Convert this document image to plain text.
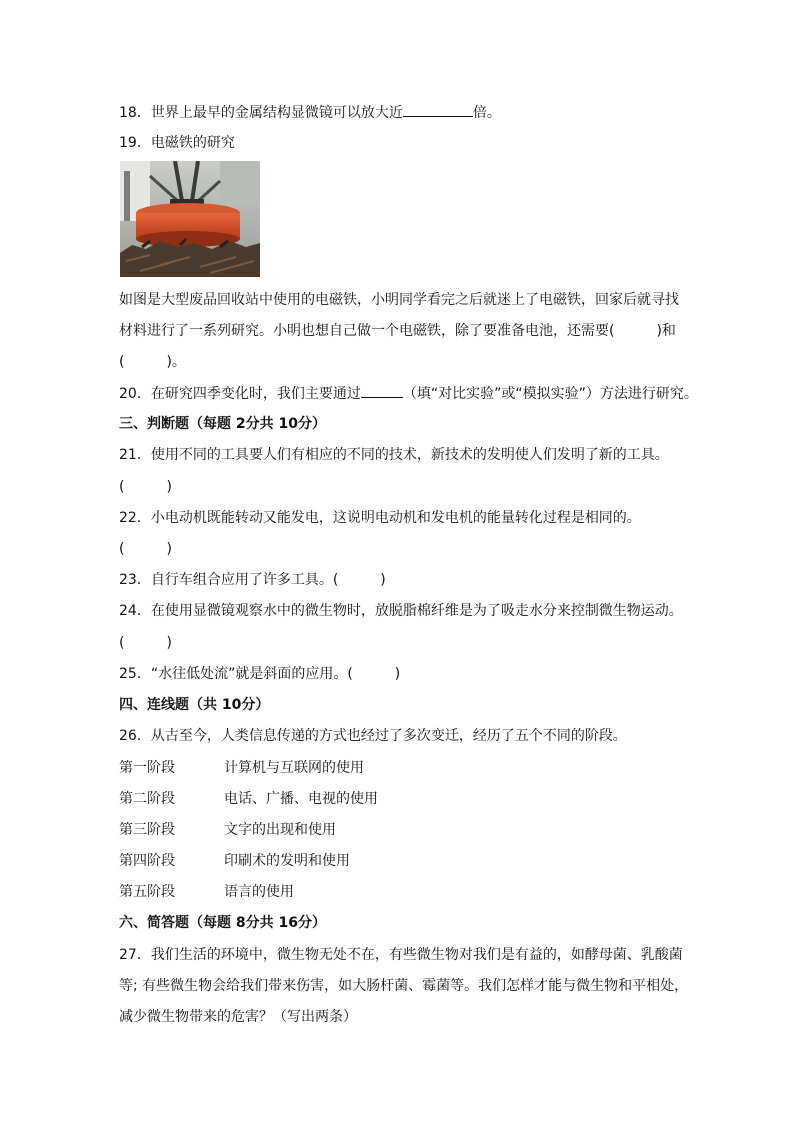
18．世界上最早的金属结构显微镜可以放大近	倍。
19．电磁铁的研究
如图是大型废品回收站中使用的电磁铁，小明同学看完之后就迷上了电磁铁，回家后就寻找
材料进行了一系列研究。小明也想自己做一个电磁铁，除了要准备电池，还需要(	)和
(	)。
20．在研究四季变化时，我们主要通过	（填“对比实验”或“模拟实验”）方法进行研究。
三、判断题（每题 2分共 10分）
21．使用不同的工具要人们有相应的不同的技术，新技术的发明使人们发明了新的工具。
(	)
22．小电动机既能转动又能发电，这说明电动机和发电机的能量转化过程是相同的。
(	)
23．自行车组合应用了许多工具。(	)
24．在使用显微镜观察水中的微生物时，放脱脂棉纤维是为了吸走水分来控制微生物运动。
(	)
25．“水往低处流”就是斜面的应用。(	)
四、连线题（共 10分）
26．从古至今，人类信息传递的方式也经过了多次变迁，经历了五个不同的阶段。
第一阶段	计算机与互联网的使用
第二阶段	电话、广播、电视的使用
第三阶段	文字的出现和使用
第四阶段	印刷术的发明和使用
第五阶段	语言的使用
六、简答题（每题 8分共 16分）
27．我们生活的环境中，微生物无处不在，有些微生物对我们是有益的，如酵母菌、乳酸菌
等; 有些微生物会给我们带来伤害，如大肠杆菌、霉菌等。我们怎样才能与微生物和平相处，
减少微生物带来的危害？（写出两条）
